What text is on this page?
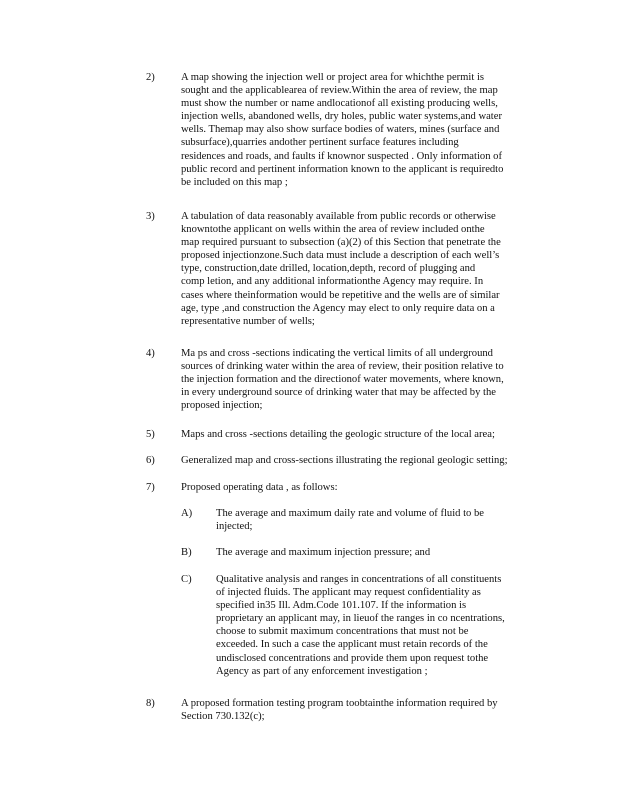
2) A map showing the injection well or project area for whichthe permit is
sought and the applicablearea of review.Within the area of review, the map
must show the number or name andlocationof all existing producing wells,
injection wells, abandoned wells, dry holes, public water systems,and water
wells. Themap may also show surface bodies of waters, mines (surface and
subsurface),quarries andother pertinent surface features including
residences and roads, and faults if knownor suspected . Only information of
public record and pertinent information known to the applicant is requiredto
be included on this map ;
3) A tabulation of data reasonably available from public records or otherwise
knowntothe applicant on wells within the area of review included onthe
map required pursuant to subsection (a)(2) of this Section that penetrate the
proposed injectionzone.Such data must include a description of each well’s
type, construction,date drilled, location,depth, record of plugging and
comp letion, and any additional informationthe Agency may require. In
cases where theinformation would be repetitive and the wells are of similar
age, type ,and construction the Agency may elect to only require data on a
representative number of wells;
4) Ma ps and cross -sections indicating the vertical limits of all underground
sources of drinking water within the area of review, their position relative to
the injection formation and the directionof water movements, where known,
in every underground source of drinking water that may be affected by the
proposed injection;
5) Maps and cross -sections detailing the geologic structure of the local area;
6) Generalized map and cross-sections illustrating the regional geologic setting;
7) Proposed operating data , as follows:
A) The average and maximum daily rate and volume of fluid to be
injected;
B) The average and maximum injection pressure; and
C) Qualitative analysis and ranges in concentrations of all constituents
of injected fluids. The applicant may request confidentiality as
specified in35 Ill. Adm.Code 101.107. If the information is
proprietary an applicant may, in lieuof the ranges in co ncentrations,
choose to submit maximum concentrations that must not be
exceeded. In such a case the applicant must retain records of the
undisclosed concentrations and provide them upon request tothe
Agency as part of any enforcement investigation ;
8) A proposed formation testing program toobtainthe information required by
Section 730.132(c);
